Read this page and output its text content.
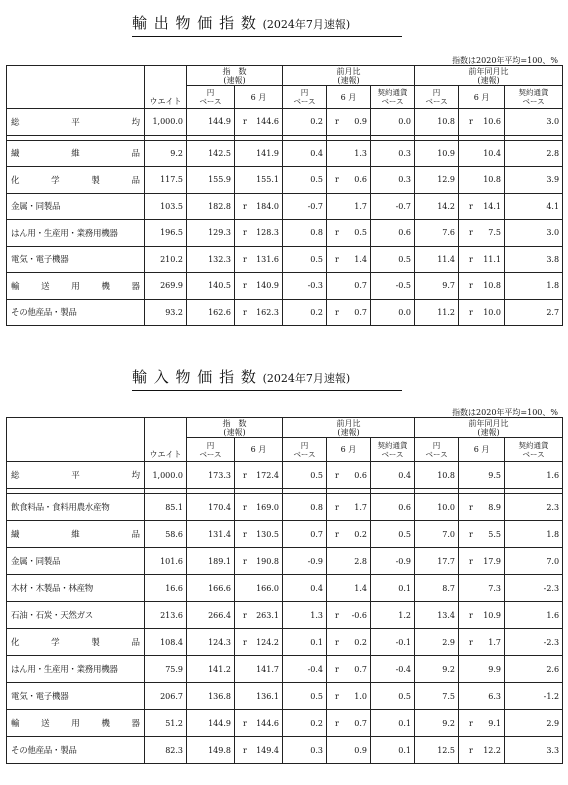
輸 出 物 価 指 数 (2024年7月速報)
指数は2020年平均=100、%
	ウエイト	指　数
(速報)		前月比
(速報)			前年同月比
(速報)		
		円
ベース	6 月	円
ベース	6 月	契約通貨
ベース	円
ベース	6 月	契約通貨
ベース
総　　　平　　　均	1,000.0	144.9	r 144.6	0.2	r 0.9	0.0	10.8	r 10.6	3.0

繊　　維　　品	9.2	142.5	141.9	0.4	1.3	0.3	10.9	10.4	2.8
化　学　製　品	117.5	155.9	155.1	0.5	r 0.6	0.3	12.9	10.8	3.9
金属・同製品	103.5	182.8	r 184.0	-0.7	1.7	-0.7	14.2	r 14.1	4.1
はん用・生産用・業務用機器	196.5	129.3	r 128.3	0.8	r 0.5	0.6	7.6	r 7.5	3.0
電気・電子機器	210.2	132.3	r 131.6	0.5	r 1.4	0.5	11.4	r 11.1	3.8
輸　送　用　機　器	269.9	140.5	r 140.9	-0.3	0.7	-0.5	9.7	r 10.8	1.8
その他産品・製品	93.2	162.6	r 162.3	0.2	r 0.7	0.0	11.2	r 10.0	2.7
輸 入 物 価 指 数 (2024年7月速報)
指数は2020年平均=100、%
	ウエイト	指　数
(速報)		前月比
(速報)			前年同月比
(速報)		
		円
ベース	6 月	円
ベース	6 月	契約通貨
ベース	円
ベース	6 月	契約通貨
ベース
総　　　平　　　均	1,000.0	173.3	r 172.4	0.5	r 0.6	0.4	10.8	9.5	1.6

飲食料品・食料用農水産物	85.1	170.4	r 169.0	0.8	r 1.7	0.6	10.0	r 8.9	2.3
繊　　維　　品	58.6	131.4	r 130.5	0.7	r 0.2	0.5	7.0	r 5.5	1.8
金属・同製品	101.6	189.1	r 190.8	-0.9	2.8	-0.9	17.7	r 17.9	7.0
木材・木製品・林産物	16.6	166.6	166.0	0.4	1.4	0.1	8.7	7.3	-2.3
石油・石炭・天然ガス	213.6	266.4	r 263.1	1.3	r -0.6	1.2	13.4	r 10.9	1.6
化　学　製　品	108.4	124.3	r 124.2	0.1	r 0.2	-0.1	2.9	r 1.7	-2.3
はん用・生産用・業務用機器	75.9	141.2	141.7	-0.4	r 0.7	-0.4	9.2	9.9	2.6
電気・電子機器	206.7	136.8	136.1	0.5	r 1.0	0.5	7.5	6.3	-1.2
輸　送　用　機　器	51.2	144.9	r 144.6	0.2	r 0.7	0.1	9.2	r 9.1	2.9
その他産品・製品	82.3	149.8	r 149.4	0.3	0.9	0.1	12.5	r 12.2	3.3
